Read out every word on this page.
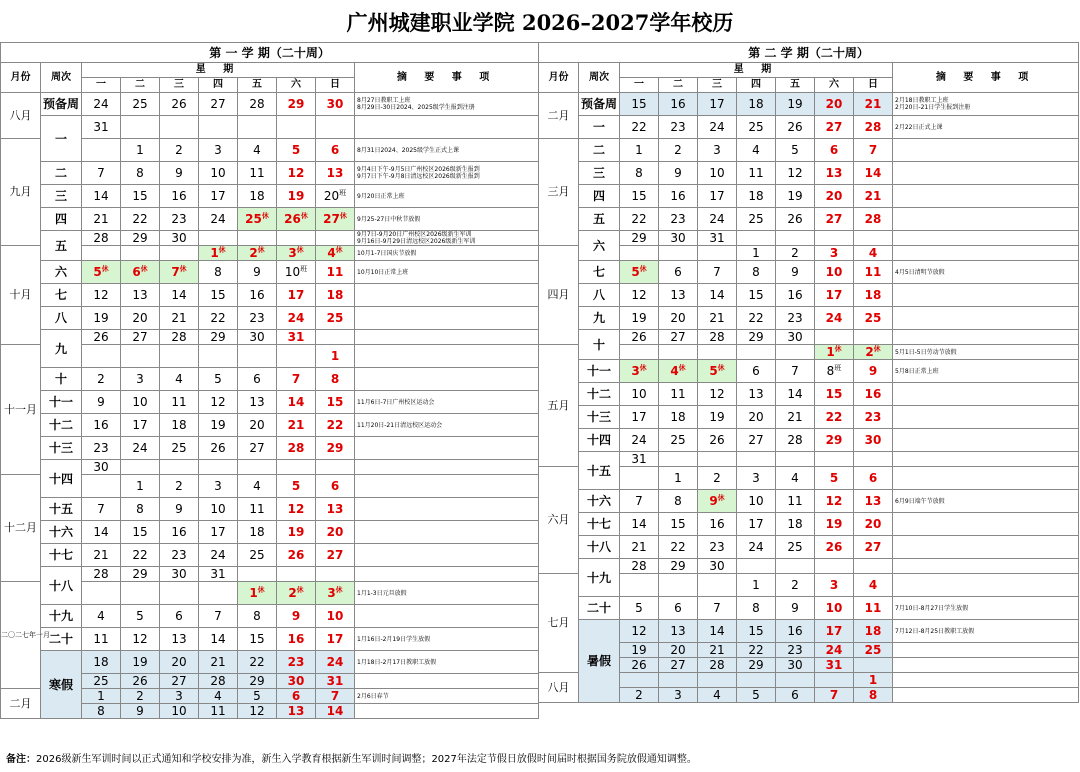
广州城建职业学院 2026–2027学年校历
第 一 学 期（二十周）									
月份	周次	星 期							摘 要 事 项
		一	二	三	四	五	六	日	
八月	预备周	24	25	26	27	28	29	30	8月27日教职工上班
8月29日-30日2024、2025级学生报到注册
	一	31							
九月			1	2	3	4	5	6	8月31日2024、2025级学生正式上课
	二	7	8	9	10	11	12	13	9月4日下午-9月5日广州校区2026级新生报到
9月7日下午-9月8日清远校区2026级新生报到
	三	14	15	16	17	18	19	$20^班$	9月20日正常上班
	四	21	22	23	24	$25^休$	$26^休$	$27^休$	9月25-27日中秋节放假
	五	28	29	30					9月7日-9月20日广州校区2026级新生军训
9月16日-9月29日清远校区2026级新生军训
十月					$1^休$	$2^休$	$3^休$	$4^休$	10月1-7日国庆节放假
	六	$5^休$	$6^休$	$7^休$	8	9	$10^班$	11	10月10日正常上班
	七	12	13	14	15	16	17	18	
	八	19	20	21	22	23	24	25	
	九	26	27	28	29	30	31		
十一月								1	
	十	2	3	4	5	6	7	8	
	十一	9	10	11	12	13	14	15	11月6日-7日广州校区运动会
	十二	16	17	18	19	20	21	22	11月20日-21日清远校区运动会
	十三	23	24	25	26	27	28	29	
	十四	30							
十二月			1	2	3	4	5	6	
	十五	7	8	9	10	11	12	13	
	十六	14	15	16	17	18	19	20	
	十七	21	22	23	24	25	26	27	
	十八	28	29	30	31				
二〇二七年一月						$1^休$	$2^休$	$3^休$	1月1-3日元旦放假
	十九	4	5	6	7	8	9	10	
	二十	11	12	13	14	15	16	17	1月16日-2月19日学生放假
	寒假	18	19	20	21	22	23	24	1月18日-2月17日教职工放假
		25	26	27	28	29	30	31	
二月		1	2	3	4	5	6	7	2月6日春节
		8	9	10	11	12	13	14	
第 二 学 期（二十周）									
月份	周次	星 期							摘 要 事 项
		一	二	三	四	五	六	日	
二月	预备周	15	16	17	18	19	20	21	2月18日教职工上班
2月20日-21日学生报到注册
	一	22	23	24	25	26	27	28	2月22日正式上课
三月	二	1	2	3	4	5	6	7	
	三	8	9	10	11	12	13	14	
	四	15	16	17	18	19	20	21	
	五	22	23	24	25	26	27	28	
	六	29	30	31					
四月					1	2	3	4	
	七	$5^休$	6	7	8	9	10	11	4月5日清明节放假
	八	12	13	14	15	16	17	18	
	九	19	20	21	22	23	24	25	
	十	26	27	28	29	30			
五月							$1^休$	$2^休$	5月1日-5日劳动节放假
	十一	$3^休$	$4^休$	$5^休$	6	7	$8^班$	9	5月8日正常上班
	十二	10	11	12	13	14	15	16	
	十三	17	18	19	20	21	22	23	
	十四	24	25	26	27	28	29	30	
	十五	31							
六月			1	2	3	4	5	6	
	十六	7	8	$9^休$	10	11	12	13	6月9日端午节放假
	十七	14	15	16	17	18	19	20	
	十八	21	22	23	24	25	26	27	
	十九	28	29	30					
七月					1	2	3	4	
	二十	5	6	7	8	9	10	11	7月10日-8月27日学生放假
	暑假	12	13	14	15	16	17	18	7月12日-8月25日教职工放假
		19	20	21	22	23	24	25	
		26	27	28	29	30	31		
八月								1	
		2	3	4	5	6	7	8	
备注：2026级新生军训时间以正式通知和学校安排为准，新生入学教育根据新生军训时间调整；2027年法定节假日放假时间届时根据国务院放假通知调整。
